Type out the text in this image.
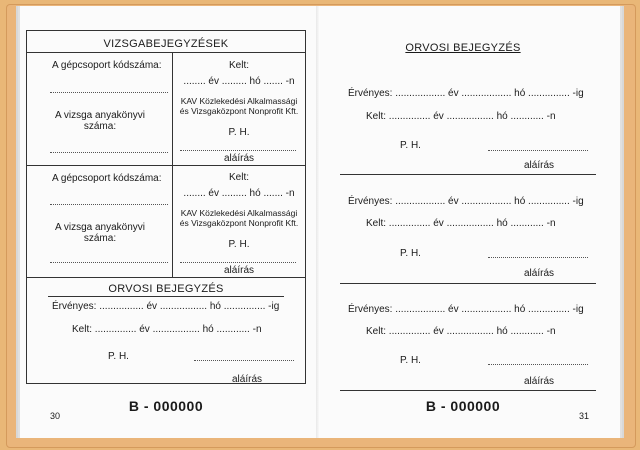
VIZSGABEJEGYZÉSEK
A gépcsoport kódszáma:
A vizsga anyakönyvi
száma:
Kelt:
........ év ......... hó ....... -n
KAV Közlekedési Alkalmassági
és Vizsgaközpont Nonprofit Kft.
P. H.
aláírás
A gépcsoport kódszáma:
A vizsga anyakönyvi
száma:
Kelt:
........ év ......... hó ....... -n
KAV Közlekedési Alkalmassági
és Vizsgaközpont Nonprofit Kft.
P. H.
aláírás
ORVOSI BEJEGYZÉS
Érvényes: ................ év ................. hó ............... -ig
Kelt: ............... év ................. hó ............ -n
P. H.
aláírás
B - 000000
30
ORVOSI BEJEGYZÉS
Érvényes: .................. év .................. hó ............... -ig
Kelt: ............... év ................. hó ............ -n
P. H.
aláírás
Érvényes: .................. év .................. hó ............... -ig
Kelt: ............... év ................. hó ............ -n
P. H.
aláírás
Érvényes: .................. év .................. hó ............... -ig
Kelt: ............... év ................. hó ............ -n
P. H.
aláírás
B - 000000
31
